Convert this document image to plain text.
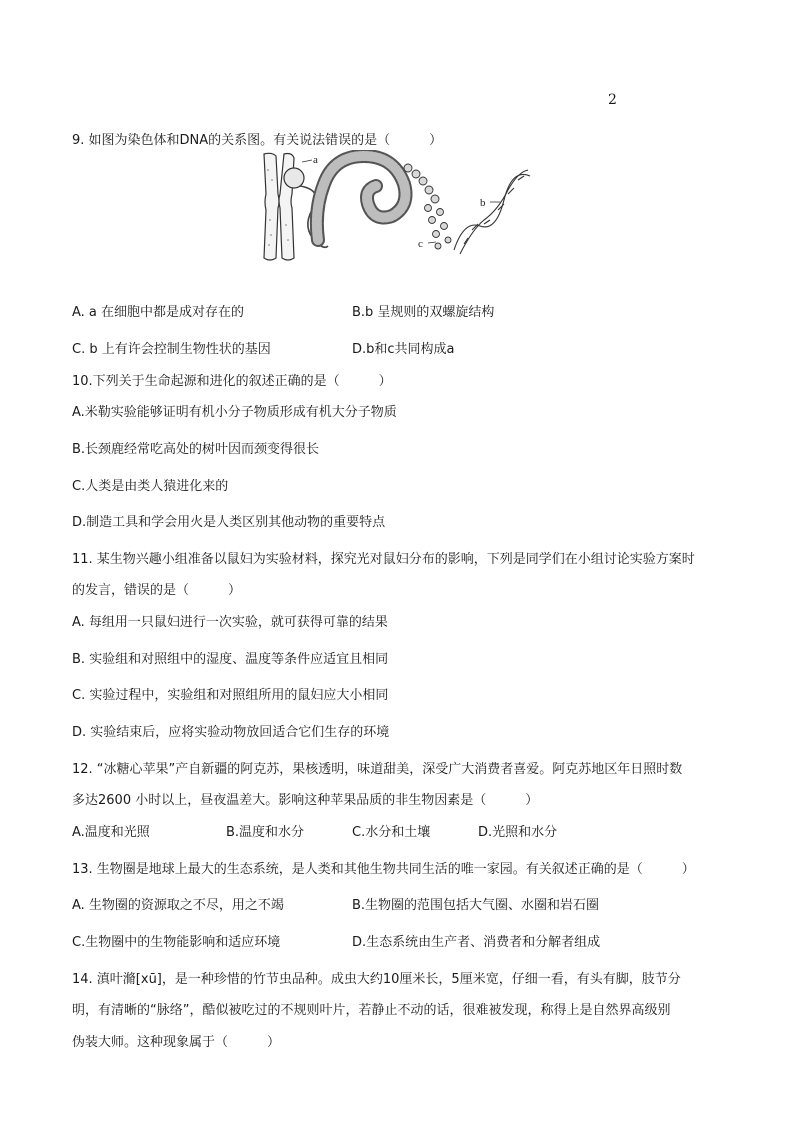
2
9. 如图为染色体和DNA的关系图。有关说法错误的是（　　　）
a
c
b
A. a 在细胞中都是成对存在的	B.b 呈规则的双螺旋结构
C. b 上有许会控制生物性状的基因	D.b和c共同构成a
10.下列关于生命起源和进化的叙述正确的是（　　　）
A.米勒实验能够证明有机小分子物质形成有机大分子物质
B.长颈鹿经常吃高处的树叶因而颈变得很长
C.人类是由类人猿进化来的
D.制造工具和学会用火是人类区别其他动物的重要特点
11. 某生物兴趣小组准备以鼠妇为实验材料，探究光对鼠妇分布的影响，下列是同学们在小组讨论实验方案时
的发言，错误的是（　　　）
A. 每组用一只鼠妇进行一次实验，就可获得可靠的结果
B. 实验组和对照组中的湿度、温度等条件应适宜且相同
C. 实验过程中，实验组和对照组所用的鼠妇应大小相同
D. 实验结束后，应将实验动物放回适合它们生存的环境
12. “冰糖心苹果”产自新疆的阿克苏，果核透明，味道甜美，深受广大消费者喜爱。阿克苏地区年日照时数
多达2600 小时以上，昼夜温差大。影响这种苹果品质的非生物因素是（　　　）
A.温度和光照	B.温度和水分	C.水分和土壤	D.光照和水分
13. 生物圈是地球上最大的生态系统，是人类和其他生物共同生活的唯一家园。有关叙述正确的是（　　　）
A. 生物圈的资源取之不尽，用之不竭	B.生物圈的范围包括大气圈、水圈和岩石圈
C.生物圈中的生物能影响和适应环境	D.生态系统由生产者、消费者和分解者组成
14. 滇叶滫[xū]，是一种珍惜的竹节虫品种。成虫大约10厘米长，5厘米宽，仔细一看，有头有脚，肢节分
明，有清晰的“脉络”，酷似被吃过的不规则叶片，若静止不动的话，很难被发现，称得上是自然界高级别
伪装大师。这种现象属于（　　　）
